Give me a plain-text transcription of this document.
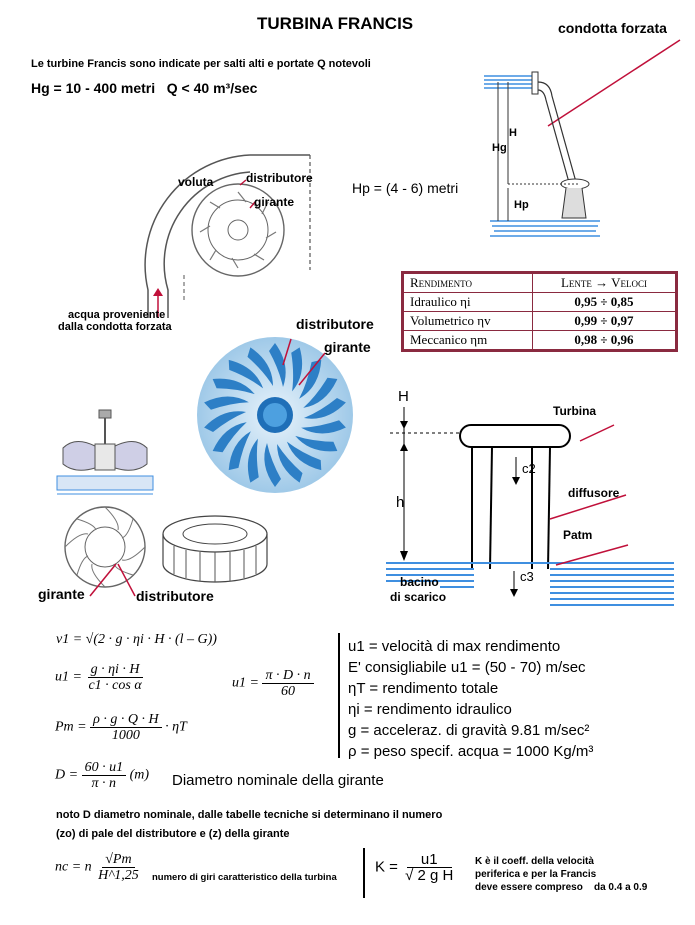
TURBINA FRANCIS
Le turbine Francis sono indicate per salti alti e portate Q notevoli
Hg = 10 - 400 metri   Q < 40 m³/sec
condotta forzata
H
Hg
Hp
Hp = (4 - 6) metri
voluta	distributore
girante
acqua proveniente
dalla condotta forzata
Rendimento	Lente → Veloci
Idraulico ηi	0,95 ÷ 0,85
Volumetrico ηv	0,99 ÷ 0,97
Meccanico ηm	0,98 ÷ 0,96
distributore
girante
girante	distributore
H
h
c2
c3
Turbina
diffusore
Patm
bacino
di scarico
v1 = √(2 · g · ηi · H · (l – G))
$u1 = \frac{g \cdot \eta i \cdot H}{\text{c1 · cos α}}$	$u1 = \frac{\pi \cdot D \cdot n}{60}$
$Pm = \frac{\rho \cdot g \cdot Q \cdot H}{1000} \cdot \eta T$
$D = \frac{60 \cdot u1}{\pi \cdot n} (m)$ Diametro nominale della girante
u1 = velocità di max rendimento
E' consigliabile u1 = (50 - 70) m/sec
ηT = rendimento totale
ηi = rendimento idraulico
g = acceleraz. di gravità 9.81 m/sec²
ρ = peso specif. acqua = 1000 Kg/m³
noto D diametro nominale, dalle tabelle tecniche si determinano il numero
(zo) di pale del distributore e (z) della girante
nc = n $\frac{√Pm}{H\^{}1,25}$ numero di giri caratteristico della turbina
$K = \frac{u1}{\text{√ 2 g H}}$ K è il coeff. della velocità
periferica e per la Francis
deve essere compreso    da 0.4 a 0.9
